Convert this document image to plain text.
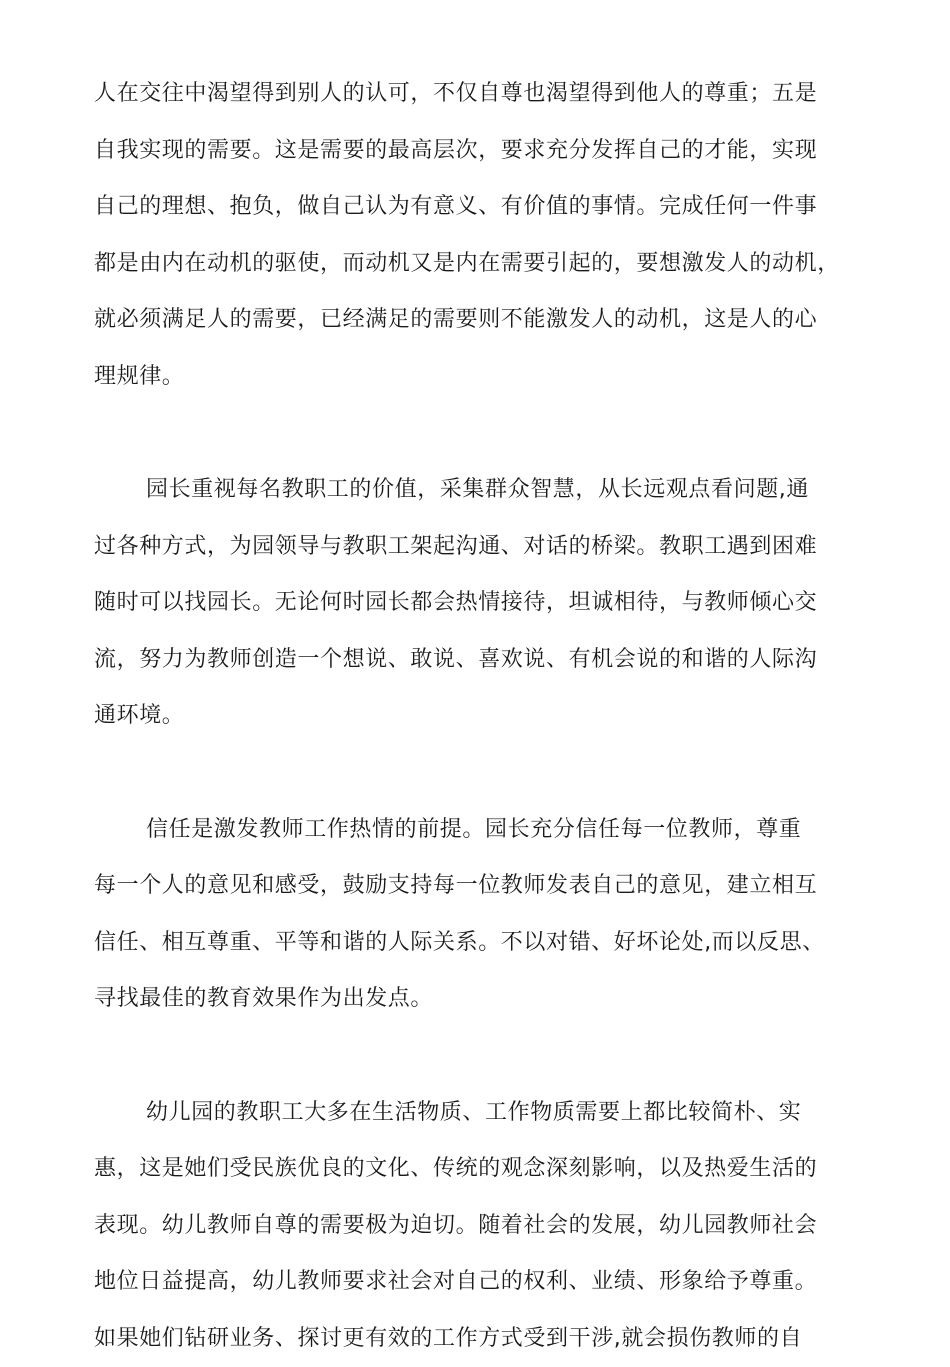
人在交往中渴望得到别人的认可，不仅自尊也渴望得到他人的尊重；五是
自我实现的需要。这是需要的最高层次，要求充分发挥自己的才能，实现
自己的理想、抱负，做自己认为有意义、有价值的事情。完成任何一件事
都是由内在动机的驱使，而动机又是内在需要引起的，要想激发人的动机，
就必须满足人的需要，已经满足的需要则不能激发人的动机，这是人的心
理规律。
园长重视每名教职工的价值，采集群众智慧，从长远观点看问题,通
过各种方式，为园领导与教职工架起沟通、对话的桥梁。教职工遇到困难
随时可以找园长。无论何时园长都会热情接待，坦诚相待，与教师倾心交
流，努力为教师创造一个想说、敢说、喜欢说、有机会说的和谐的人际沟
通环境。
信任是激发教师工作热情的前提。园长充分信任每一位教师，尊重
每一个人的意见和感受，鼓励支持每一位教师发表自己的意见，建立相互
信任、相互尊重、平等和谐的人际关系。不以对错、好坏论处,而以反思、
寻找最佳的教育效果作为出发点。
幼儿园的教职工大多在生活物质、工作物质需要上都比较简朴、实
惠，这是她们受民族优良的文化、传统的观念深刻影响，以及热爱生活的
表现。幼儿教师自尊的需要极为迫切。随着社会的发展，幼儿园教师社会
地位日益提高，幼儿教师要求社会对自己的权利、业绩、形象给予尊重。
如果她们钻研业务、探讨更有效的工作方式受到干涉,就会损伤教师的自
